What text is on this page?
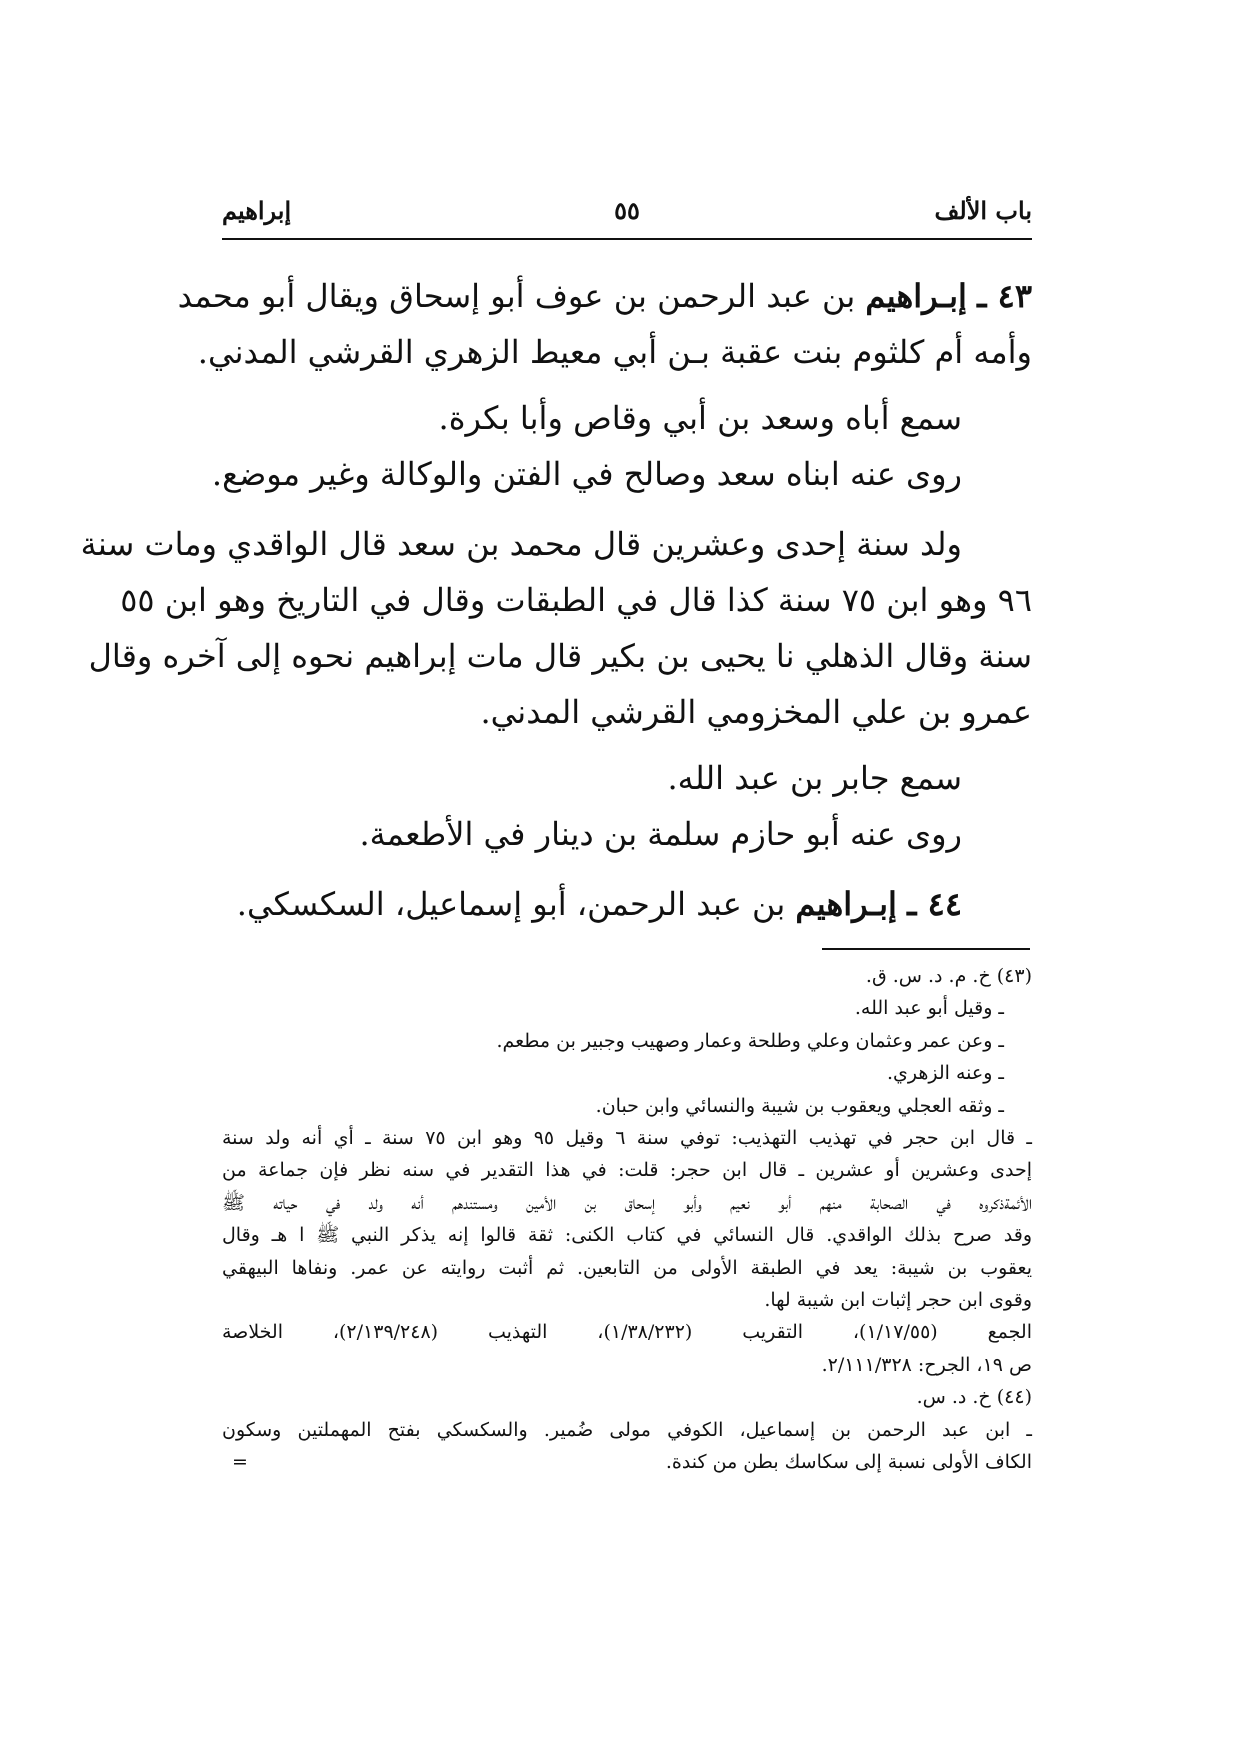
باب الألف
٥٥
إبراهيم
٤٣ ـ إبـراهيم بن عبد الرحمن بن عوف أبو إسحاق ويقال أبو محمد
وأمه أم كلثوم بنت عقبة بـن أبي معيط الزهري القرشي المدني.
سمع أباه وسعد بن أبي وقاص وأبا بكرة.
روى عنه ابناه سعد وصالح في الفتن والوكالة وغير موضع.
ولد سنة إحدى وعشرين قال محمد بن سعد قال الواقدي ومات سنة
٩٦ وهو ابن ٧٥ سنة كذا قال في الطبقات وقال في التاريخ وهو ابن ٥٥
سنة وقال الذهلي نا يحيى بن بكير قال مات إبراهيم نحوه إلى آخره وقال
عمرو بن علي المخزومي القرشي المدني.
سمع جابر بن عبد الله.
روى عنه أبو حازم سلمة بن دينار في الأطعمة.
٤٤ ـ إبـراهيم بن عبد الرحمن، أبو إسماعيل، السكسكي.
(٤٣) خ. م. د. س. ق.
ـ وقيل أبو عبد الله.
ـ وعن عمر وعثمان وعلي وطلحة وعمار وصهيب وجبير بن مطعم.
ـ وعنه الزهري.
ـ وثقه العجلي ويعقوب بن شيبة والنسائي وابن حبان.
ـ قال ابن حجر في تهذيب التهذيب: توفي سنة ٦ وقيل ٩٥ وهو ابن ٧٥ سنة ـ أي أنه ولد سنة
إحدى وعشرين أو عشرين ـ قال ابن حجر: قلت: في هذا التقدير في سنه نظر فإن جماعة من
الأئمةذكروه في الصحابة منهم أبو نعيم وأبو إسحاق بن الأمين ومستندهم أنه ولد في حياته ﷺ
وقد صرح بذلك الواقدي. قال النسائي في كتاب الكنى: ثقة قالوا إنه يذكر النبي ﷺ ا هـ وقال
يعقوب بن شيبة: يعد في الطبقة الأولى من التابعين. ثم أثبت روايته عن عمر. ونفاها البيهقي
وقوى ابن حجر إثبات ابن شيبة لها.
الجمع (١/١٧/٥٥)، التقريب (١/٣٨/٢٣٢)، التهذيب (٢/١٣٩/٢٤٨)، الخلاصة
ص ١٩، الجرح: ٢/١١١/٣٢٨.
(٤٤) خ. د. س.
ـ ابن عبد الرحمن بن إسماعيل، الكوفي مولى ضُمير. والسكسكي بفتح المهملتين وسكون
الكاف الأولى نسبة إلى سكاسك بطن من كندة.
=
